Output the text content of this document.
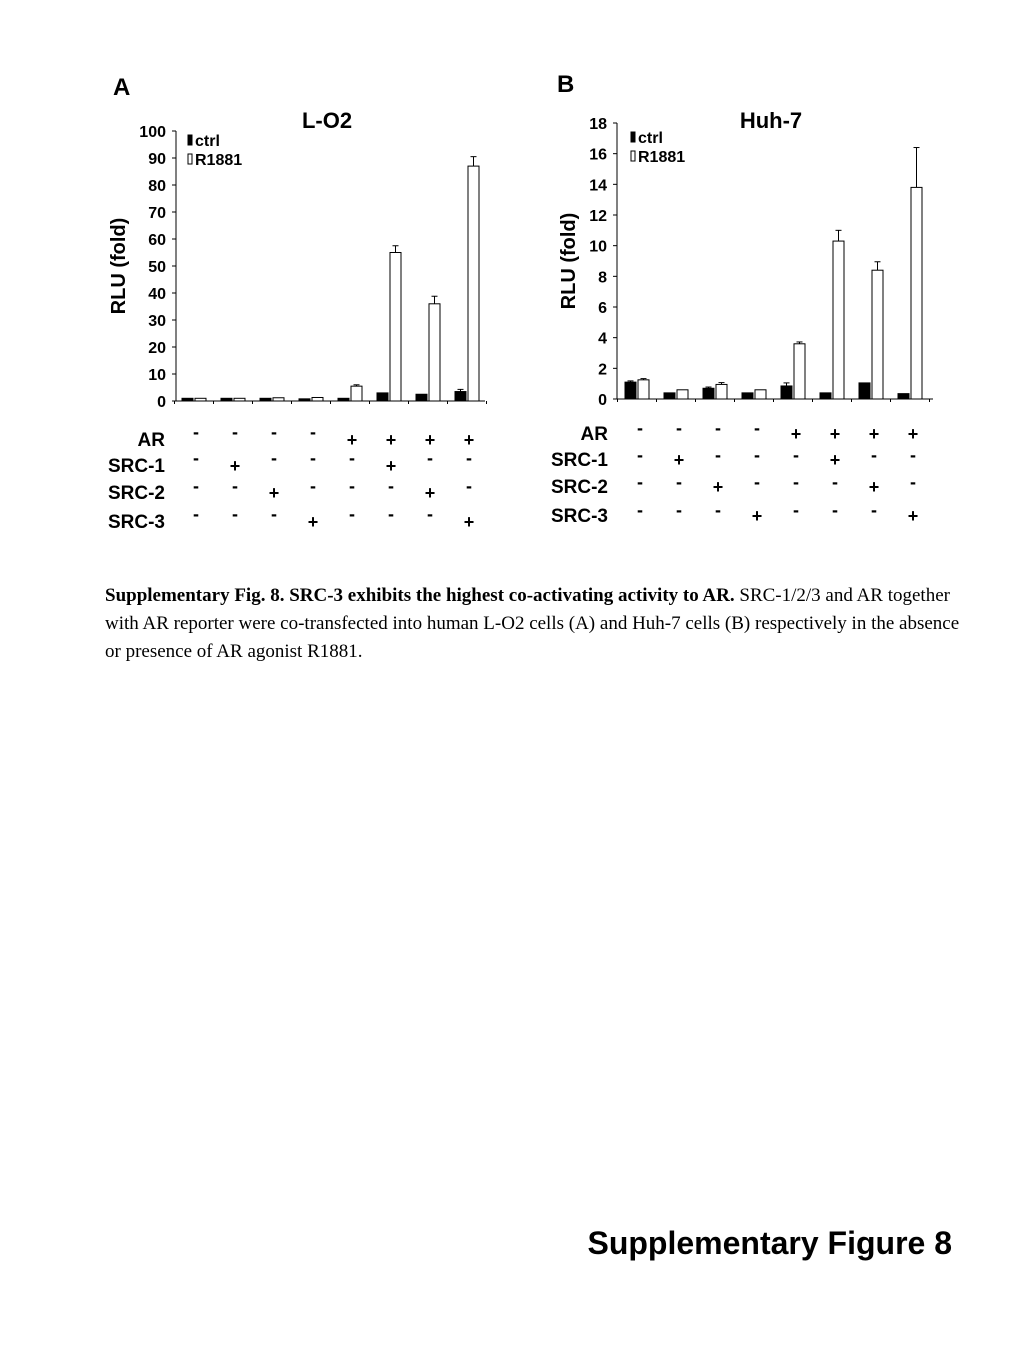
L-O2
RLU (fold)
0
10
20
30
40
50
60
70
80
90
100
ctrl
R1881
AR - - - - + + + +
SRC-1 - + - - - + - -
SRC-2 - - + - - - + -
SRC-3 - - - + - - - +
Huh-7
RLU (fold)
0
2
4
6
8
10
12
14
16
18
ctrl
R1881
AR - - - - + + + +
SRC-1 - + - - - + - -
SRC-2 - - + - - - + -
SRC-3 - - - + - - - +
A	B
Supplementary Fig. 8. SRC-3 exhibits the highest co-activating activity to AR. SRC-1/2/3 and AR together with AR reporter were co-transfected into human L-O2 cells (A) and Huh-7 cells (B) respectively in the absence or presence of AR agonist R1881.
Supplementary Figure 8
